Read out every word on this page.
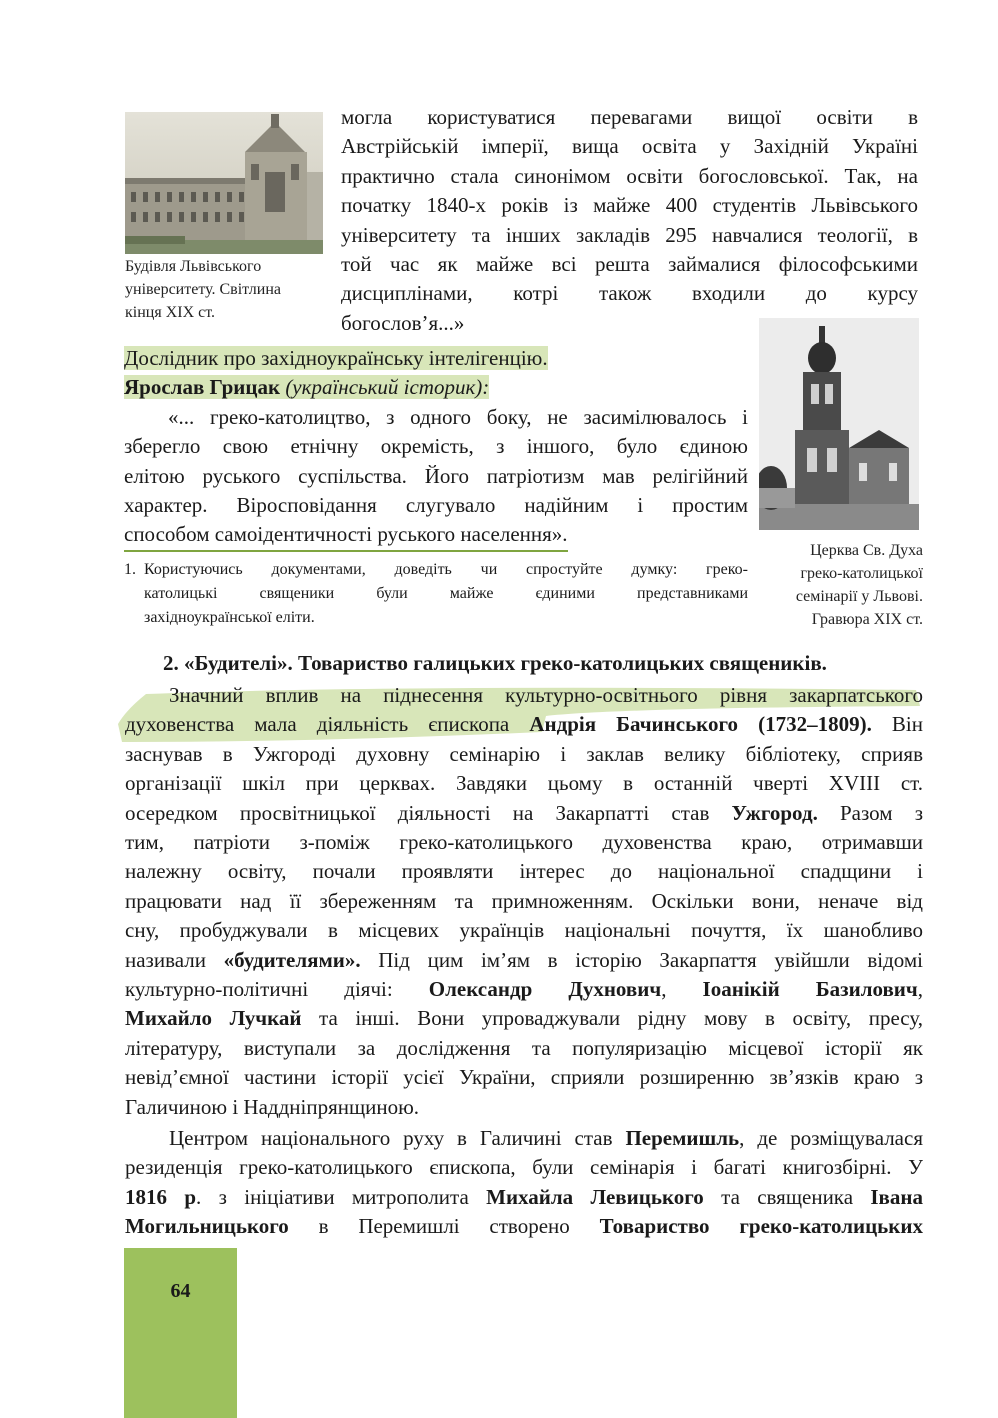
Будівля Львівського
університету. Світлина
кінця XIX ст.
могла користуватися перевагами вищої освіти в
Австрійській імперії, вища освіта у Західній Україні
практично стала синонімом освіти богословської. Так, на
початку 1840-х років із майже 400 студентів Львівського
університету та інших закладів 295 навчалися теології, в
той час як майже всі решта займалися філософськими
дисциплінами, котрі також входили до курсу
богослов’я...»
Церква Св. Духа
греко-католицької
семінарії у Львові.
Гравюра XIX ст.
Дослідник про західноукраїнську інтелігенцію.
Ярослав Грицак (український історик):
«... греко-католицтво, з одного боку, не засимілювалось і
зберегло свою етнічну окремість, з іншого, було єдиною
елітою руського суспільства. Його патріотизм мав релігійний
характер. Віросповідання слугувало надійним і простим
способом самоідентичності руського населення».
1. Користуючись документами, доведіть чи спростуйте думку: греко-
католицькі священики були майже єдиними представниками
західноукраїнської еліти.
2. «Будителі». Товариство галицьких греко-католицьких священиків.
Значний вплив на піднесення культурно-освітнього рівня закарпатського
духовенства мала діяльність єпископа Андрія Бачинського (1732–1809). Він
заснував в Ужгороді духовну семінарію і заклав велику бібліотеку, сприяв
організації шкіл при церквах. Завдяки цьому в останній чверті XVIII ст.
осередком просвітницької діяльності на Закарпатті став Ужгород. Разом з
тим, патріоти з-поміж греко-католицького духовенства краю, отримавши
належну освіту, почали проявляти інтерес до національної спадщини і
працювати над її збереженням та примноженням. Оскільки вони, неначе від
сну, пробуджували в місцевих українців національні почуття, їх шанобливо
називали «будителями». Під цим ім’ям в історію Закарпаття увійшли відомі
культурно-політичні діячі: Олександр Духнович, Іоанікій Базилович,
Михайло Лучкай та інші. Вони упроваджували рідну мову в освіту, пресу,
літературу, виступали за дослідження та популяризацію місцевої історії як
невід’ємної частини історії усієї України, сприяли розширенню зв’язків краю з
Галичиною і Наддніпрянщиною.
Центром національного руху в Галичині став Перемишль, де розміщувалася
резиденція греко-католицького єпископа, були семінарія і багаті книгозбірні. У
1816 р. з ініціативи митрополита Михайла Левицького та священика Івана
Могильницького в Перемишлі створено Товариство греко-католицьких
64
